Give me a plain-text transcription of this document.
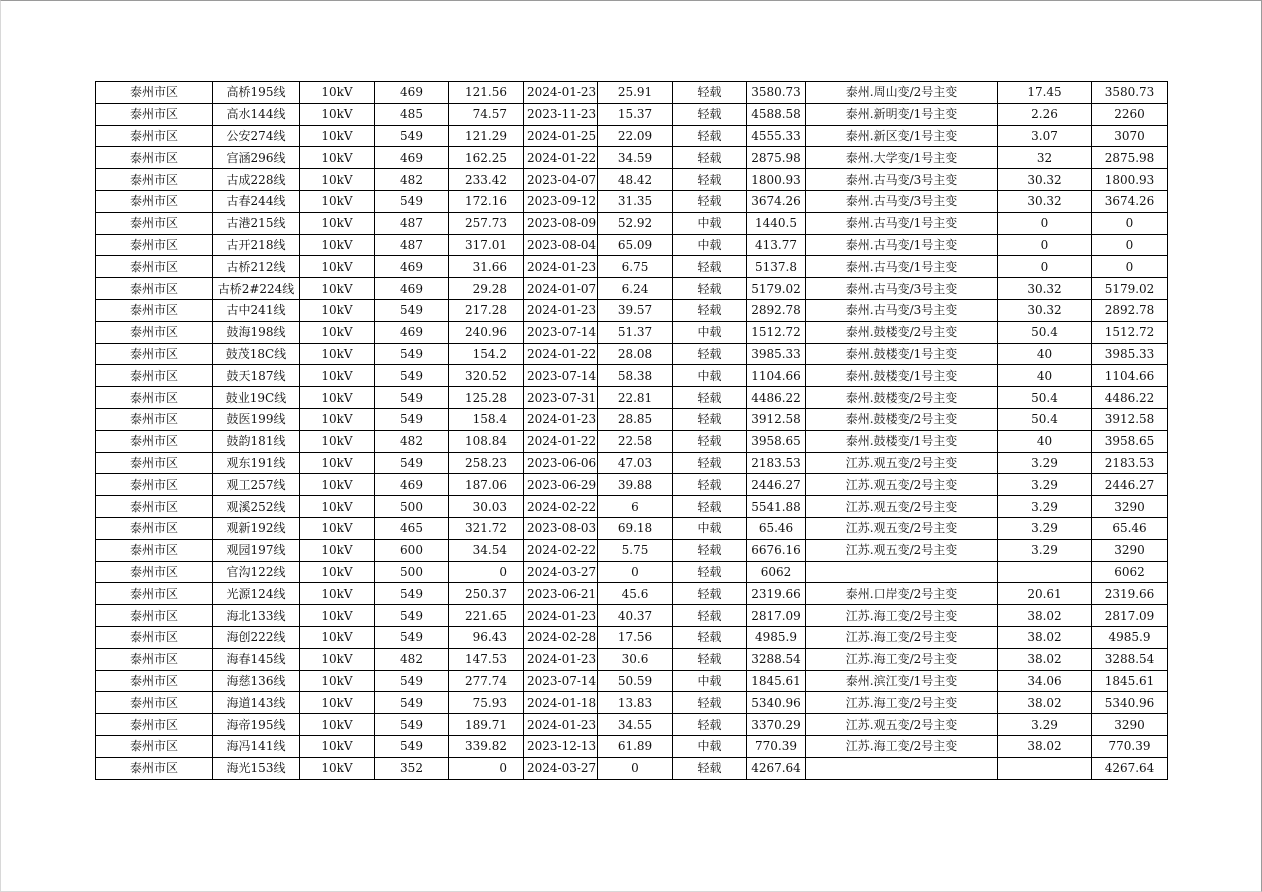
泰州市区	高桥195线	10kV	469	121.56	2024-01-23	25.91	轻载	3580.73	泰州.周山变/2号主变	17.45	3580.73
泰州市区	高水144线	10kV	485	74.57	2023-11-23	15.37	轻载	4588.58	泰州.新明变/1号主变	2.26	2260
泰州市区	公安274线	10kV	549	121.29	2024-01-25	22.09	轻载	4555.33	泰州.新区变/1号主变	3.07	3070
泰州市区	宫涵296线	10kV	469	162.25	2024-01-22	34.59	轻载	2875.98	泰州.大学变/1号主变	32	2875.98
泰州市区	古成228线	10kV	482	233.42	2023-04-07	48.42	轻载	1800.93	泰州.古马变/3号主变	30.32	1800.93
泰州市区	古春244线	10kV	549	172.16	2023-09-12	31.35	轻载	3674.26	泰州.古马变/3号主变	30.32	3674.26
泰州市区	古港215线	10kV	487	257.73	2023-08-09	52.92	中载	1440.5	泰州.古马变/1号主变	0	0
泰州市区	古开218线	10kV	487	317.01	2023-08-04	65.09	中载	413.77	泰州.古马变/1号主变	0	0
泰州市区	古桥212线	10kV	469	31.66	2024-01-23	6.75	轻载	5137.8	泰州.古马变/1号主变	0	0
泰州市区	古桥2#224线	10kV	469	29.28	2024-01-07	6.24	轻载	5179.02	泰州.古马变/3号主变	30.32	5179.02
泰州市区	古中241线	10kV	549	217.28	2024-01-23	39.57	轻载	2892.78	泰州.古马变/3号主变	30.32	2892.78
泰州市区	鼓海198线	10kV	469	240.96	2023-07-14	51.37	中载	1512.72	泰州.鼓楼变/2号主变	50.4	1512.72
泰州市区	鼓茂18C线	10kV	549	154.2	2024-01-22	28.08	轻载	3985.33	泰州.鼓楼变/1号主变	40	3985.33
泰州市区	鼓天187线	10kV	549	320.52	2023-07-14	58.38	中载	1104.66	泰州.鼓楼变/1号主变	40	1104.66
泰州市区	鼓业19C线	10kV	549	125.28	2023-07-31	22.81	轻载	4486.22	泰州.鼓楼变/2号主变	50.4	4486.22
泰州市区	鼓医199线	10kV	549	158.4	2024-01-23	28.85	轻载	3912.58	泰州.鼓楼变/2号主变	50.4	3912.58
泰州市区	鼓韵181线	10kV	482	108.84	2024-01-22	22.58	轻载	3958.65	泰州.鼓楼变/1号主变	40	3958.65
泰州市区	观东191线	10kV	549	258.23	2023-06-06	47.03	轻载	2183.53	江苏.观五变/2号主变	3.29	2183.53
泰州市区	观工257线	10kV	469	187.06	2023-06-29	39.88	轻载	2446.27	江苏.观五变/2号主变	3.29	2446.27
泰州市区	观溪252线	10kV	500	30.03	2024-02-22	6	轻载	5541.88	江苏.观五变/2号主变	3.29	3290
泰州市区	观新192线	10kV	465	321.72	2023-08-03	69.18	中载	65.46	江苏.观五变/2号主变	3.29	65.46
泰州市区	观园197线	10kV	600	34.54	2024-02-22	5.75	轻载	6676.16	江苏.观五变/2号主变	3.29	3290
泰州市区	官沟122线	10kV	500	0	2024-03-27	0	轻载	6062			6062
泰州市区	光源124线	10kV	549	250.37	2023-06-21	45.6	轻载	2319.66	泰州.口岸变/2号主变	20.61	2319.66
泰州市区	海北133线	10kV	549	221.65	2024-01-23	40.37	轻载	2817.09	江苏.海工变/2号主变	38.02	2817.09
泰州市区	海创222线	10kV	549	96.43	2024-02-28	17.56	轻载	4985.9	江苏.海工变/2号主变	38.02	4985.9
泰州市区	海春145线	10kV	482	147.53	2024-01-23	30.6	轻载	3288.54	江苏.海工变/2号主变	38.02	3288.54
泰州市区	海慈136线	10kV	549	277.74	2023-07-14	50.59	中载	1845.61	泰州.滨江变/1号主变	34.06	1845.61
泰州市区	海道143线	10kV	549	75.93	2024-01-18	13.83	轻载	5340.96	江苏.海工变/2号主变	38.02	5340.96
泰州市区	海帝195线	10kV	549	189.71	2024-01-23	34.55	轻载	3370.29	江苏.观五变/2号主变	3.29	3290
泰州市区	海冯141线	10kV	549	339.82	2023-12-13	61.89	中载	770.39	江苏.海工变/2号主变	38.02	770.39
泰州市区	海光153线	10kV	352	0	2024-03-27	0	轻载	4267.64			4267.64
